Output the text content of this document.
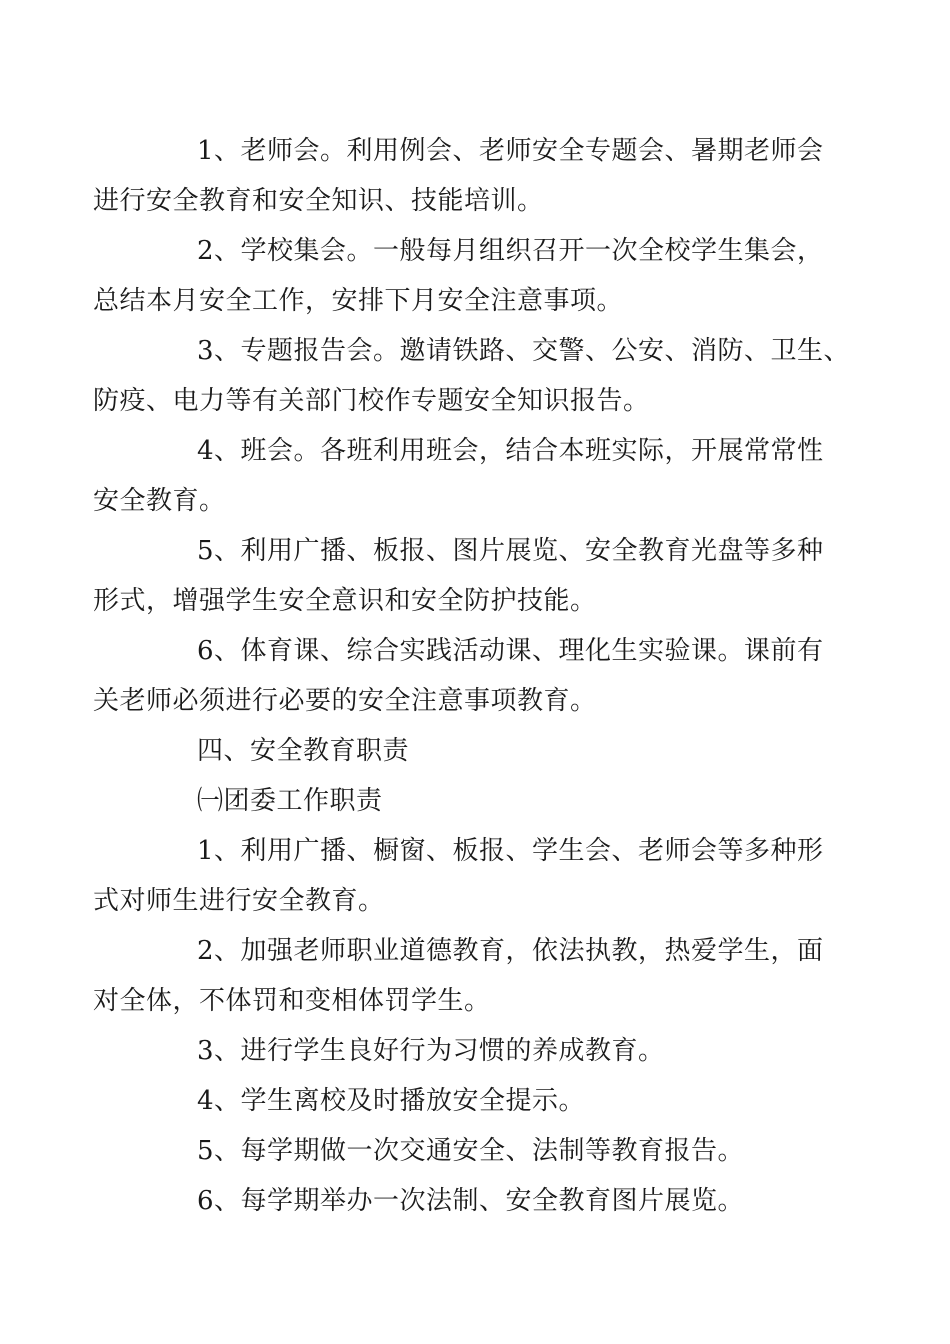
1、老师会。利用例会、老师安全专题会、暑期老师会
进行安全教育和安全知识、技能培训。

2、学校集会。一般每月组织召开一次全校学生集会，
总结本月安全工作，安排下月安全注意事项。

3、专题报告会。邀请铁路、交警、公安、消防、卫生、
防疫、电力等有关部门校作专题安全知识报告。

4、班会。各班利用班会，结合本班实际，开展常常性
安全教育。

5、利用广播、板报、图片展览、安全教育光盘等多种
形式，增强学生安全意识和安全防护技能。

6、体育课、综合实践活动课、理化生实验课。课前有
关老师必须进行必要的安全注意事项教育。

四、安全教育职责

㈠团委工作职责

1、利用广播、橱窗、板报、学生会、老师会等多种形
式对师生进行安全教育。

2、加强老师职业道德教育，依法执教，热爱学生，面
对全体，不体罚和变相体罚学生。

3、进行学生良好行为习惯的养成教育。

4、学生离校及时播放安全提示。

5、每学期做一次交通安全、法制等教育报告。

6、每学期举办一次法制、安全教育图片展览。
